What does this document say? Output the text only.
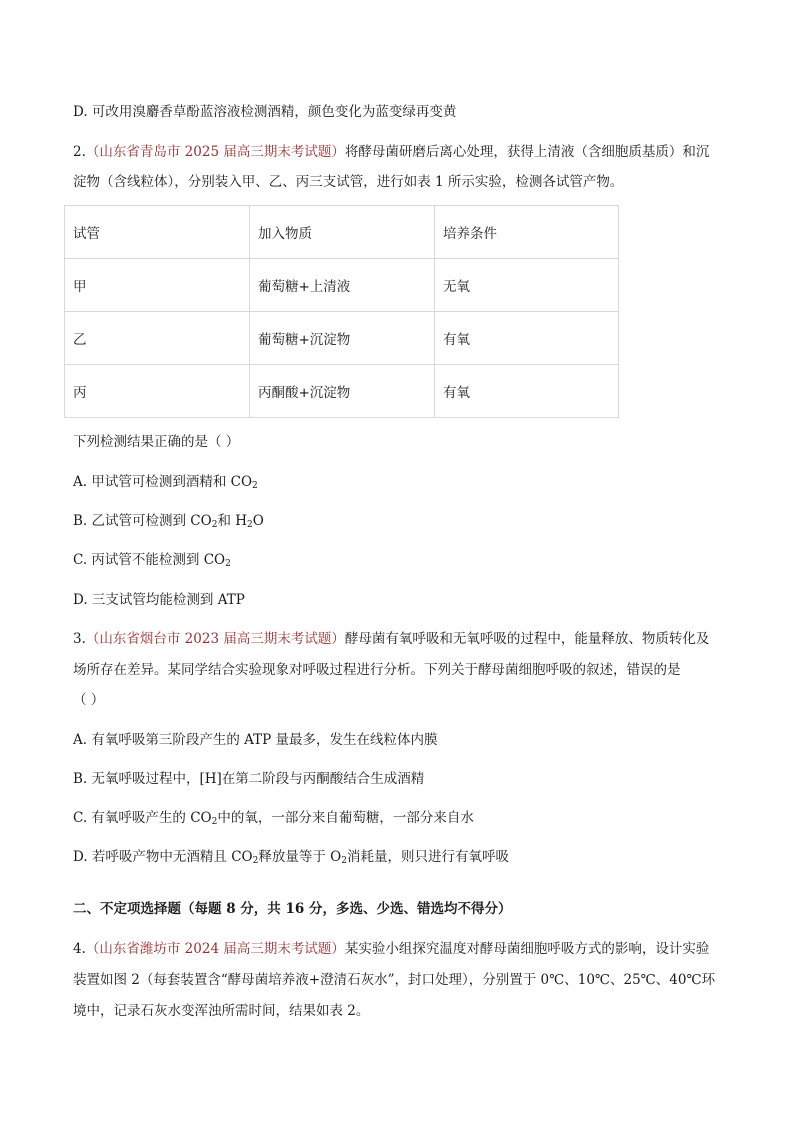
D. 可改用溴麝香草酚蓝溶液检测酒精，颜色变化为蓝变绿再变黄
2.（山东省青岛市 2025 届高三期末考试题）将酵母菌研磨后离心处理，获得上清液（含细胞质基质）和沉
淀物（含线粒体），分别装入甲、乙、丙三支试管，进行如表 1 所示实验，检测各试管产物。
试管	加入物质	培养条件
甲	葡萄糖+上清液	无氧
乙	葡萄糖+沉淀物	有氧
丙	丙酮酸+沉淀物	有氧
下列检测结果正确的是（ ）
A. 甲试管可检测到酒精和 $CO_2$
B. 乙试管可检测到 $CO_2$和 $H_2O$
C. 丙试管不能检测到 $CO_2$
D. 三支试管均能检测到 ATP
3.（山东省烟台市 2023 届高三期末考试题）酵母菌有氧呼吸和无氧呼吸的过程中，能量释放、物质转化及
场所存在差异。某同学结合实验现象对呼吸过程进行分析。下列关于酵母菌细胞呼吸的叙述，错误的是
（ ）
A. 有氧呼吸第三阶段产生的 ATP 量最多，发生在线粒体内膜
B. 无氧呼吸过程中，[H]在第二阶段与丙酮酸结合生成酒精
C. 有氧呼吸产生的 $CO_2$中的氧，一部分来自葡萄糖，一部分来自水
D. 若呼吸产物中无酒精且 $CO_2$释放量等于 $O_2$消耗量，则只进行有氧呼吸
二、不定项选择题（每题 8 分，共 16 分，多选、少选、错选均不得分）
4.（山东省潍坊市 2024 届高三期末考试题）某实验小组探究温度对酵母菌细胞呼吸方式的影响，设计实验
装置如图 2（每套装置含“酵母菌培养液+澄清石灰水”，封口处理），分别置于 0℃、10℃、25℃、40℃环
境中，记录石灰水变浑浊所需时间，结果如表 2。
